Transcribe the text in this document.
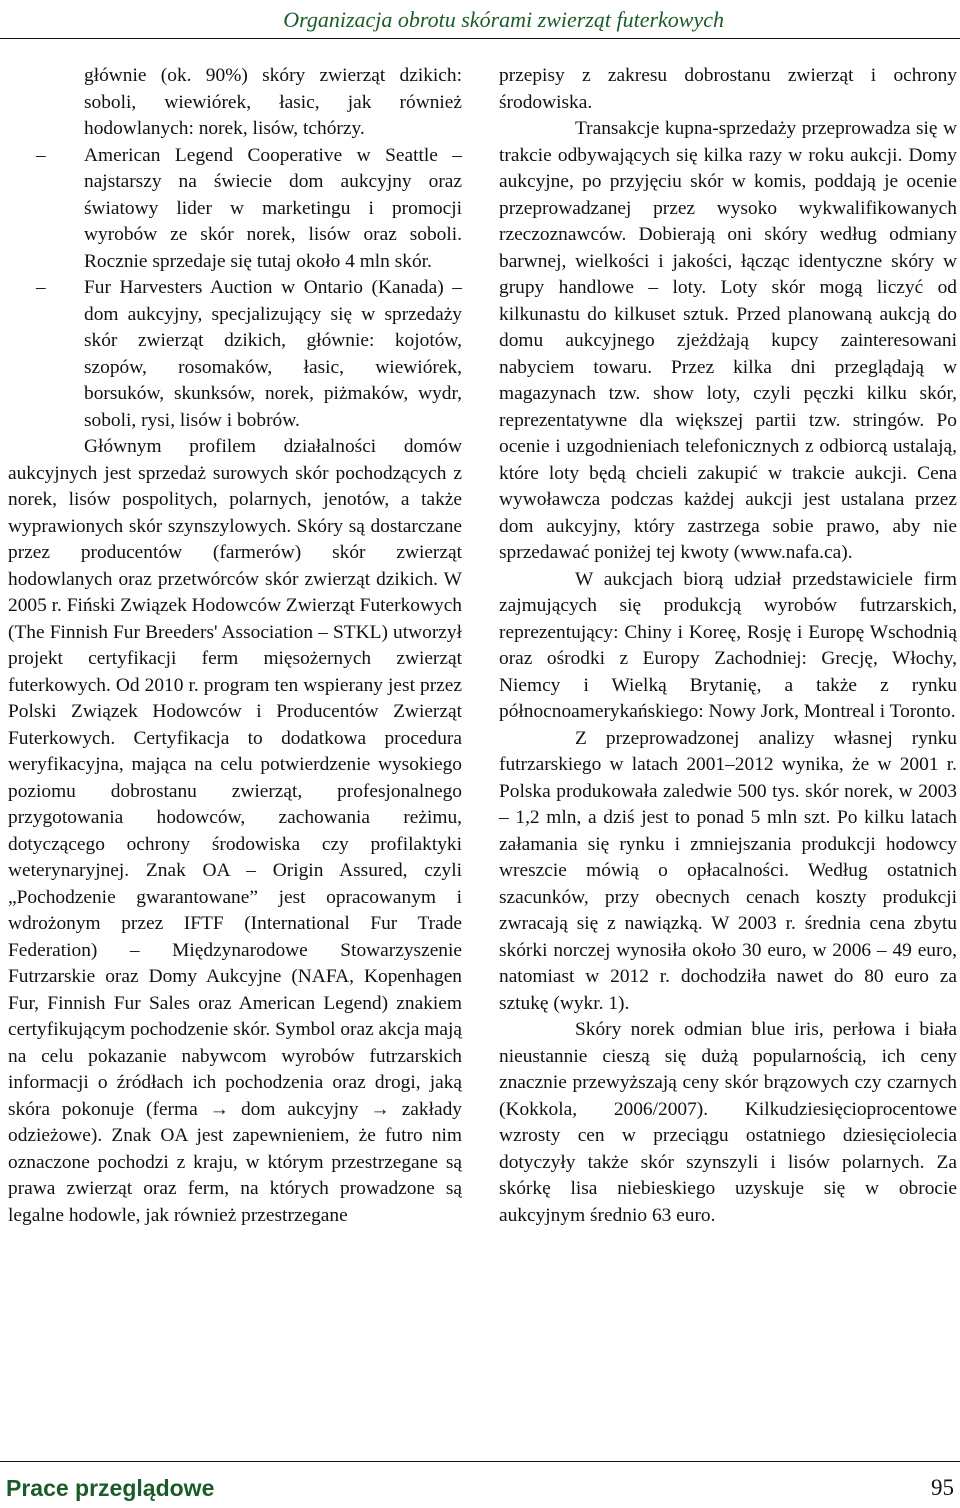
Organizacja obrotu skórami zwierząt futerkowych

głównie (ok. 90%) skóry zwierząt dzikich: soboli, wiewiórek, łasic, jak również hodowlanych: norek, lisów, tchórzy.

– American Legend Cooperative w Seattle – najstarszy na świecie dom aukcyjny oraz światowy lider w marketingu i promocji wyrobów ze skór norek, lisów oraz soboli. Rocznie sprzedaje się tutaj około 4 mln skór.

– Fur Harvesters Auction w Ontario (Kanada) – dom aukcyjny, specjalizujący się w sprzedaży skór zwierząt dzikich, głównie: kojotów, szopów, rosomaków, łasic, wiewiórek, borsuków, skunksów, norek, piżmaków, wydr, soboli, rysi, lisów i bobrów.

Głównym profilem działalności domów aukcyjnych jest sprzedaż surowych skór pochodzących z norek, lisów pospolitych, polarnych, jenotów, a także wyprawionych skór szynszylowych. Skóry są dostarczane przez producentów (farmerów) skór zwierząt hodowlanych oraz przetwórców skór zwierząt dzikich. W 2005 r. Fiński Związek Hodowców Zwierząt Futerkowych (The Finnish Fur Breeders' Association – STKL) utworzył projekt certyfikacji ferm mięsożernych zwierząt futerkowych. Od 2010 r. program ten wspierany jest przez Polski Związek Hodowców i Producentów Zwierząt Futerkowych. Certyfikacja to dodatkowa procedura weryfikacyjna, mająca na celu potwierdzenie wysokiego poziomu dobrostanu zwierząt, profesjonalnego przygotowania hodowców, zachowania reżimu, dotyczącego ochrony środowiska czy profilaktyki weterynaryjnej. Znak OA – Origin Assured, czyli „Pochodzenie gwarantowane” jest opracowanym i wdrożonym przez IFTF (International Fur Trade Federation) – Międzynarodowe Stowarzyszenie Futrzarskie oraz Domy Aukcyjne (NAFA, Kopenhagen Fur, Finnish Fur Sales oraz American Legend) znakiem certyfikującym pochodzenie skór. Symbol oraz akcja mają na celu pokazanie nabywcom wyrobów futrzarskich informacji o źródłach ich pochodzenia oraz drogi, jaką skóra pokonuje (ferma → dom aukcyjny → zakłady odzieżowe). Znak OA jest zapewnieniem, że futro nim oznaczone pochodzi z kraju, w którym przestrzegane są prawa zwierząt oraz ferm, na których prowadzone są legalne hodowle, jak również przestrzegane

przepisy z zakresu dobrostanu zwierząt i ochrony środowiska.

Transakcje kupna-sprzedaży przeprowadza się w trakcie odbywających się kilka razy w roku aukcji. Domy aukcyjne, po przyjęciu skór w komis, poddają je ocenie przeprowadzanej przez wysoko wykwalifikowanych rzeczoznawców. Dobierają oni skóry według odmiany barwnej, wielkości i jakości, łącząc identyczne skóry w grupy handlowe – loty. Loty skór mogą liczyć od kilkunastu do kilkuset sztuk. Przed planowaną aukcją do domu aukcyjnego zjeżdżają kupcy zainteresowani nabyciem towaru. Przez kilka dni przeglądają w magazynach tzw. show loty, czyli pęczki kilku skór, reprezentatywne dla większej partii tzw. stringów. Po ocenie i uzgodnieniach telefonicznych z odbiorcą ustalają, które loty będą chcieli zakupić w trakcie aukcji. Cena wywoławcza podczas każdej aukcji jest ustalana przez dom aukcyjny, który zastrzega sobie prawo, aby nie sprzedawać poniżej tej kwoty (www.nafa.ca).

W aukcjach biorą udział przedstawiciele firm zajmujących się produkcją wyrobów futrzarskich, reprezentujący: Chiny i Koreę, Rosję i Europę Wschodnią oraz ośrodki z Europy Zachodniej: Grecję, Włochy, Niemcy i Wielką Brytanię, a także z rynku północnoamerykańskiego: Nowy Jork, Montreal i Toronto.

Z przeprowadzonej analizy własnej rynku futrzarskiego w latach 2001–2012 wynika, że w 2001 r. Polska produkowała zaledwie 500 tys. skór norek, w 2003 – 1,2 mln, a dziś jest to ponad 5 mln szt. Po kilku latach załamania się rynku i zmniejszania produkcji hodowcy wreszcie mówią o opłacalności. Według ostatnich szacunków, przy obecnych cenach koszty produkcji zwracają się z nawiązką. W 2003 r. średnia cena zbytu skórki norczej wynosiła około 30 euro, w 2006 – 49 euro, natomiast w 2012 r. dochodziła nawet do 80 euro za sztukę (wykr. 1).

Skóry norek odmian blue iris, perłowa i biała nieustannie cieszą się dużą popularnością, ich ceny znacznie przewyższają ceny skór brązowych czy czarnych (Kokkola, 2006/2007). Kilkudziesięcioprocentowe wzrosty cen w przeciągu ostatniego dziesięciolecia dotyczyły także skór szynszyli i lisów polarnych. Za skórkę lisa niebieskiego uzyskuje się w obrocie aukcyjnym średnio 63 euro.

Prace przeglądowe	95
